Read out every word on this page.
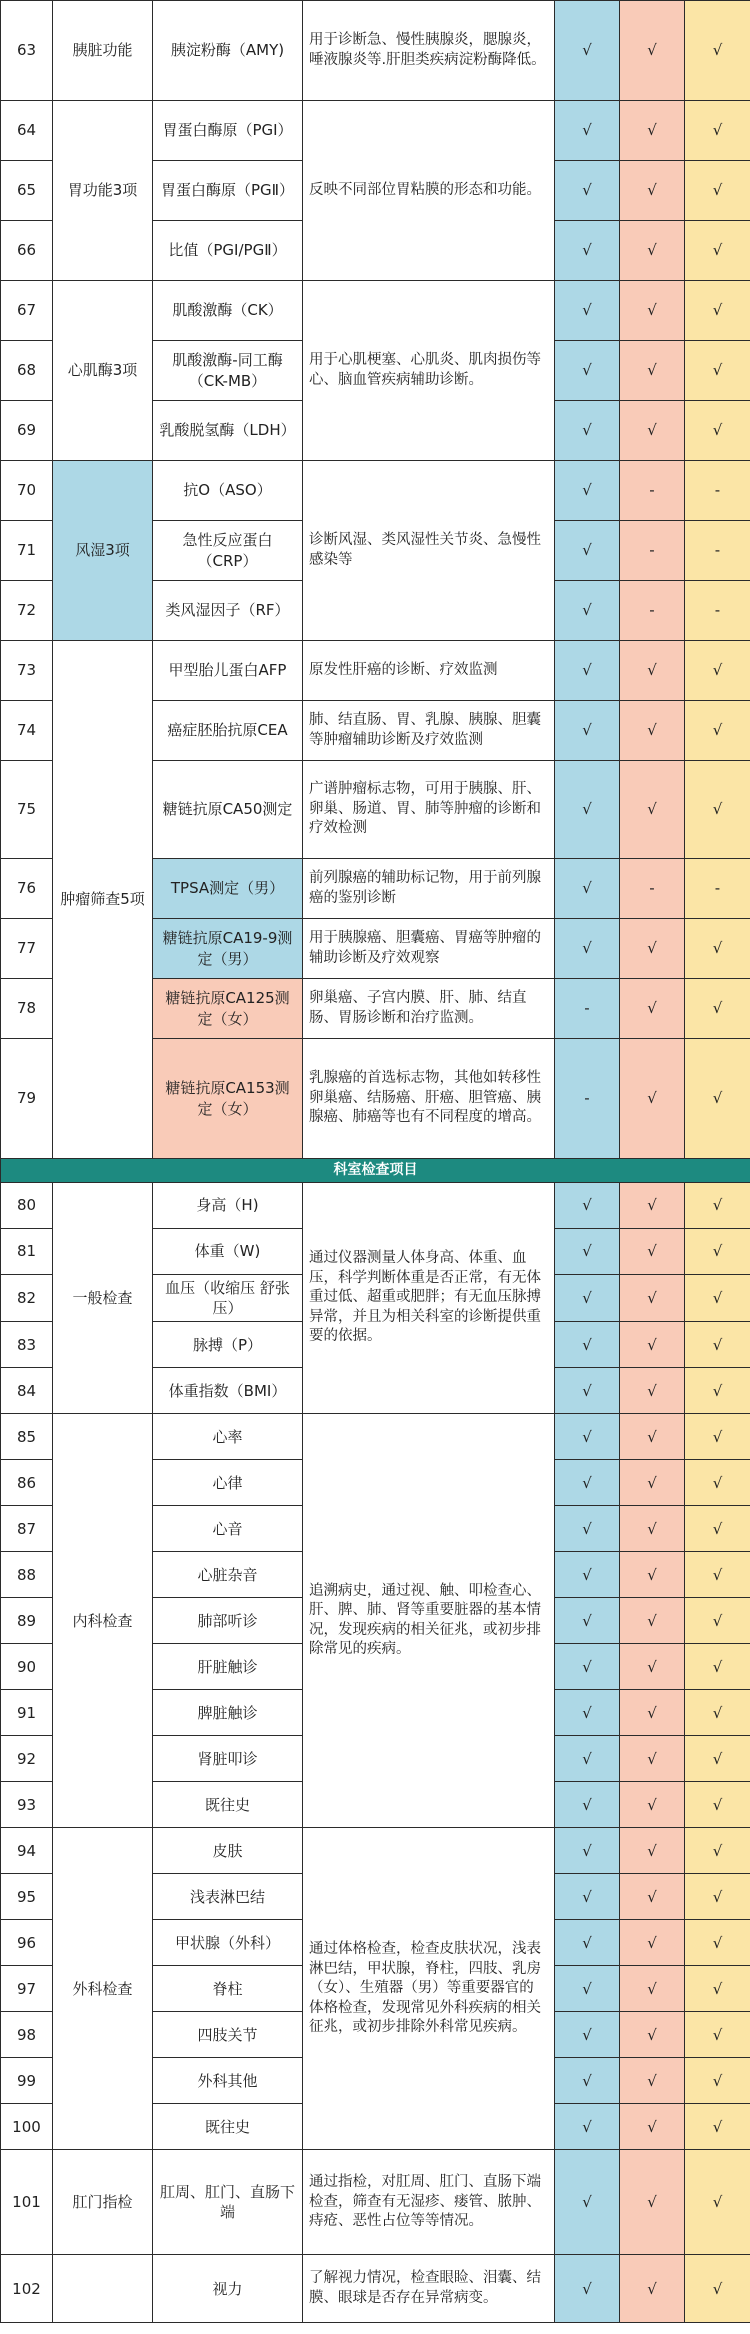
63	胰脏功能	胰淀粉酶（AMY)	用于诊断急、慢性胰腺炎，腮腺炎，唾液腺炎等.肝胆类疾病淀粉酶降低。	√	√	√
64	胃功能3项	胃蛋白酶原（PGⅠ）	反映不同部位胃粘膜的形态和功能。	√	√	√
65		胃蛋白酶原（PGⅡ）		√	√	√
66		比值（PGⅠ/PGⅡ）		√	√	√
67	心肌酶3项	肌酸激酶（CK）	用于心肌梗塞、心肌炎、肌肉损伤等心、脑血管疾病辅助诊断。	√	√	√
68		肌酸激酶-同工酶（CK-MB）		√	√	√
69		乳酸脱氢酶（LDH）		√	√	√
70	风湿3项	抗O（ASO）	诊断风湿、类风湿性关节炎、急慢性感染等	√	-	-
71		急性反应蛋白（CRP）		√	-	-
72		类风湿因子（RF）		√	-	-
73	肿瘤筛查5项	甲型胎儿蛋白AFP	原发性肝癌的诊断、疗效监测	√	√	√
74		癌症胚胎抗原CEA	肺、结直肠、胃、乳腺、胰腺、胆囊等肿瘤辅助诊断及疗效监测	√	√	√
75		糖链抗原CA50测定	广谱肿瘤标志物，可用于胰腺、肝、卵巢、肠道、胃、肺等肿瘤的诊断和疗效检测	√	√	√
76		TPSA测定（男）	前列腺癌的辅助标记物，用于前列腺癌的鉴别诊断	√	-	-
77		糖链抗原CA19-9测定（男）	用于胰腺癌、胆囊癌、胃癌等肿瘤的辅助诊断及疗效观察	√	√	√
78		糖链抗原CA125测定（女）	卵巢癌、子宫内膜、肝、肺、结直肠、胃肠诊断和治疗监测。	-	√	√
79		糖链抗原CA153测定（女）	乳腺癌的首选标志物，其他如转移性卵巢癌、结肠癌、肝癌、胆管癌、胰腺癌、肺癌等也有不同程度的增高。	-	√	√
科室检查项目						
80	一般检查	身高（H)	通过仪器测量人体身高、体重、血压，科学判断体重是否正常，有无体重过低、超重或肥胖；有无血压脉搏异常，并且为相关科室的诊断提供重要的依据。	√	√	√
81		体重（W)		√	√	√
82		血压（收缩压 舒张压）		√	√	√
83		脉搏（P）		√	√	√
84		体重指数（BMI）		√	√	√
85	内科检查	心率	追溯病史，通过视、触、叩检查心、肝、脾、肺、肾等重要脏器的基本情况，发现疾病的相关征兆，或初步排除常见的疾病。	√	√	√
86		心律		√	√	√
87		心音		√	√	√
88		心脏杂音		√	√	√
89		肺部听诊		√	√	√
90		肝脏触诊		√	√	√
91		脾脏触诊		√	√	√
92		肾脏叩诊		√	√	√
93		既往史		√	√	√
94	外科检查	皮肤	通过体格检查，检查皮肤状况，浅表淋巴结，甲状腺，脊柱，四肢、乳房（女）、生殖器（男）等重要器官的体格检查，发现常见外科疾病的相关征兆，或初步排除外科常见疾病。	√	√	√
95		浅表淋巴结		√	√	√
96		甲状腺（外科）		√	√	√
97		脊柱		√	√	√
98		四肢关节		√	√	√
99		外科其他		√	√	√
100		既往史		√	√	√
101	肛门指检	肛周、肛门、直肠下端	通过指检，对肛周、肛门、直肠下端检查，筛查有无湿疹、瘘管、脓肿、痔疮、恶性占位等等情况。	√	√	√
102		视力	了解视力情况，检查眼睑、泪囊、结膜、眼球是否存在异常病变。	√	√	√
